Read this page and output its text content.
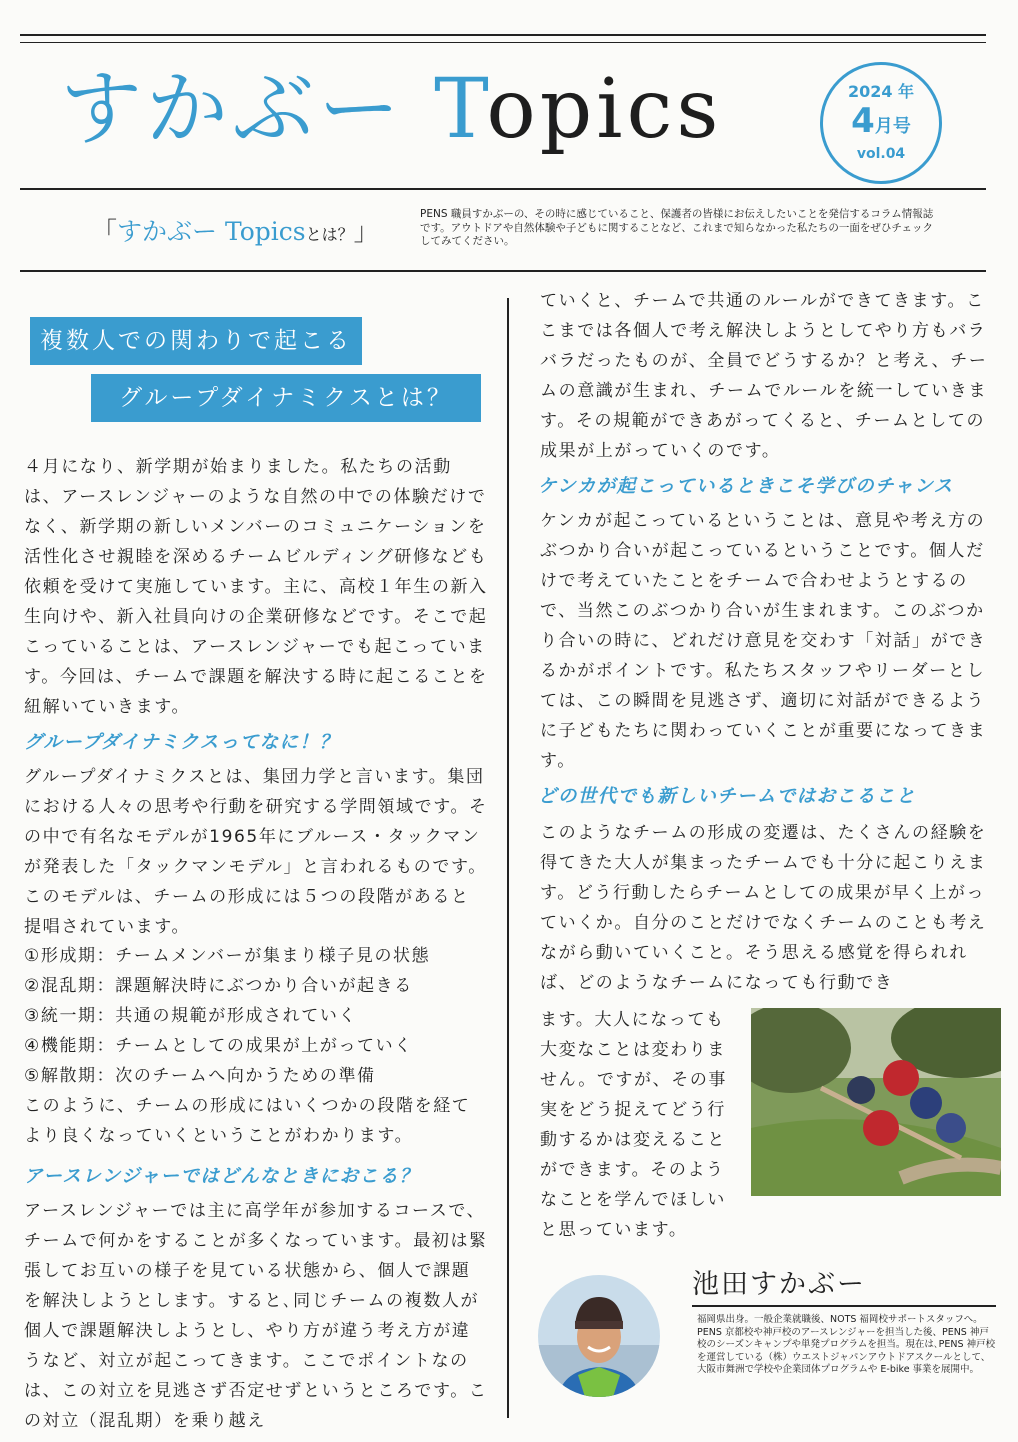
すかぶー Topics	2024 年
4月号
vol.04
「すかぶー Topicsとは？」
PENS 職員すかぶーの、その時に感じていること、保護者の皆様にお伝えしたいことを発信するコラム情報誌です。アウトドアや自然体験や子どもに関することなど、これまで知らなかった私たちの一面をぜひチェックしてみてください。
複数人での関わりで起こる
グループダイナミクスとは？
４月になり、新学期が始まりました。私たちの活動は、アースレンジャーのような自然の中での体験だけでなく、新学期の新しいメンバーのコミュニケーションを活性化させ親睦を深めるチームビルディング研修なども依頼を受けて実施しています。主に、高校１年生の新入生向けや、新入社員向けの企業研修などです。そこで起こっていることは、アースレンジャーでも起こっています。今回は、チームで課題を解決する時に起こることを紐解いていきます。
グループダイナミクスってなに！？
グループダイナミクスとは、集団力学と言います。集団における人々の思考や行動を研究する学問領域です。その中で有名なモデルが1965年にブルース・タックマンが発表した「タックマンモデル」と言われるものです。このモデルは、チームの形成には５つの段階があると提唱されています。
①形成期：チームメンバーが集まり様子見の状態
②混乱期：課題解決時にぶつかり合いが起きる
③統一期：共通の規範が形成されていく
④機能期：チームとしての成果が上がっていく
⑤解散期：次のチームへ向かうための準備
このように、チームの形成にはいくつかの段階を経てより良くなっていくということがわかります。
アースレンジャーではどんなときにおこる？
アースレンジャーでは主に高学年が参加するコースで、チームで何かをすることが多くなっています。最初は緊張してお互いの様子を見ている状態から、個人で課題を解決しようとします。すると､同じチームの複数人が個人で課題解決しようとし、やり方が違う考え方が違うなど、対立が起こってきます。ここでポイントなのは、この対立を見逃さず否定せずというところです。この対立（混乱期）を乗り越え
ていくと、チームで共通のルールができてきます。ここまでは各個人で考え解決しようとしてやり方もバラバラだったものが、全員でどうするか？と考え、チームの意識が生まれ、チームでルールを統一していきます。その規範ができあがってくると、チームとしての成果が上がっていくのです。
ケンカが起こっているときこそ学びのチャンス
ケンカが起こっているということは、意見や考え方のぶつかり合いが起こっているということです。個人だけで考えていたことをチームで合わせようとするので、当然このぶつかり合いが生まれます。このぶつかり合いの時に、どれだけ意見を交わす「対話」ができるかがポイントです。私たちスタッフやリーダーとしては、この瞬間を見逃さず、適切に対話ができるように子どもたちに関わっていくことが重要になってきます。
どの世代でも新しいチームではおこること
このようなチームの形成の変遷は、たくさんの経験を得てきた大人が集まったチームでも十分に起こりえます。どう行動したらチームとしての成果が早く上がっていくか。自分のことだけでなくチームのことも考えながら動いていくこと。そう思える感覚を得られれば、どのようなチームになっても行動でき
ます。大人になっても大変なことは変わりません。ですが、その事実をどう捉えてどう行動するかは変えることができます。そのようなことを学んでほしいと思っています。
池田すかぶー
福岡県出身。一般企業就職後、NOTS 福岡校サポートスタッフへ。PENS 京都校や神戸校のアースレンジャーを担当した後、PENS 神戸校のシーズンキャンプや単発プログラムを担当。現在は､PENS 神戸校を運営している（株）ウエストジャパンアウトドアスクールとして、大阪市舞洲で学校や企業団体プログラムや E-bike 事業を展開中。
